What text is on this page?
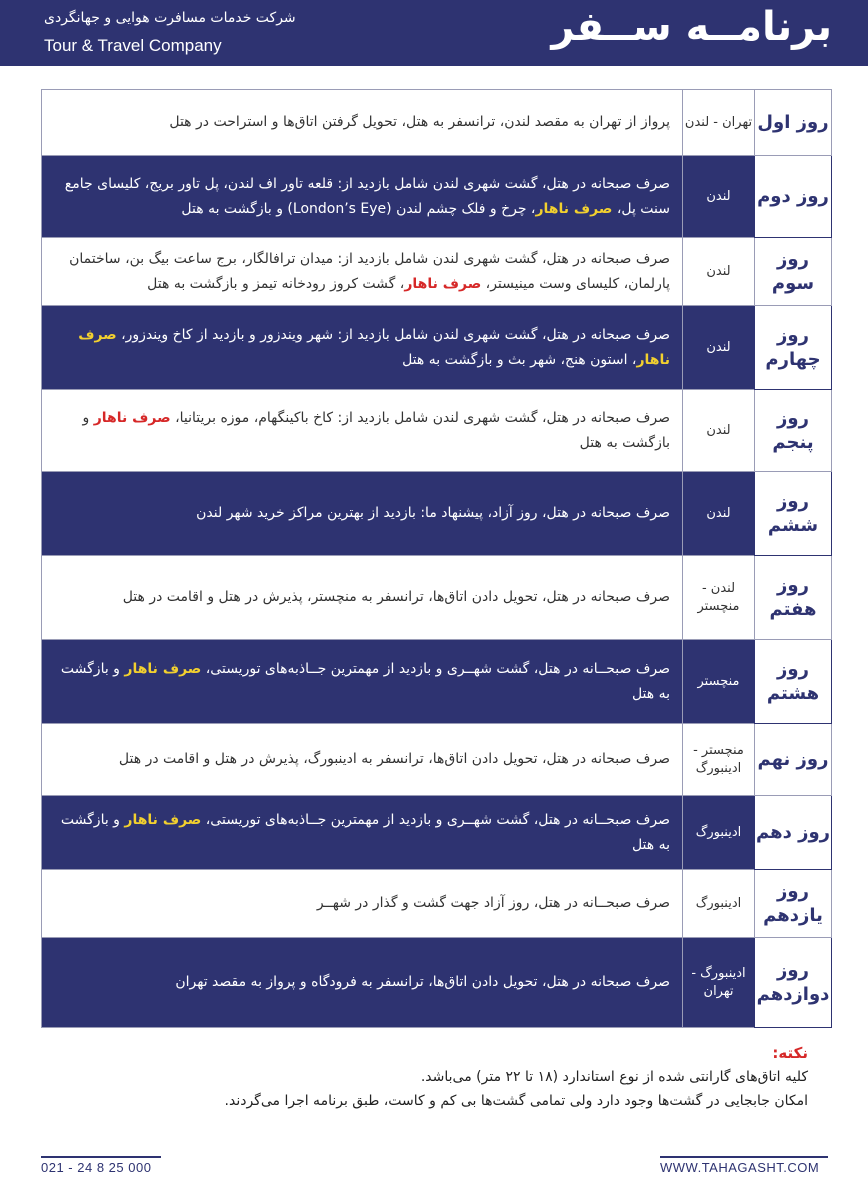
برنامــه ســفر
شرکت خدمات مسافرت هوایی و جهانگردی
Tour & Travel Company
روز اول	تهران - لندن	پرواز از تهران به مقصد لندن، ترانسفر به هتل، تحویل گرفتن اتاق‌ها و استراحت در هتل
روز دوم	لندن	صرف صبحانه در هتل، گشت شهری لندن شامل بازدید از: قلعه تاور اف لندن، پل تاور بریج، کلیسای جامع سنت پل، صرف ناهار، چرخ و فلک چشم لندن (London’s Eye) و بازگشت به هتل
روز سوم	لندن	صرف صبحانه در هتل، گشت شهری لندن شامل بازدید از: میدان ترافالگار، برج ساعت بیگ بن، ساختمان پارلمان، کلیسای وست مینیستر، صرف ناهار، گشت کروز رودخانه تیمز و بازگشت به هتل
روز چهارم	لندن	صرف صبحانه در هتل، گشت شهری لندن شامل بازدید از: شهر ویندزور و بازدید از کاخ ویندزور، صرف ناهار، استون هنج، شهر بث و بازگشت به هتل
روز پنجم	لندن	صرف صبحانه در هتل، گشت شهری لندن شامل بازدید از: کاخ باکینگهام، موزه بریتانیا، صرف ناهار و بازگشت به هتل
روز ششم	لندن	صرف صبحانه در هتل، روز آزاد، پیشنهاد ما: بازدید از بهترین مراکز خرید شهر لندن
روز هفتم	لندن - منچستر	صرف صبحانه در هتل، تحویل دادن اتاق‌ها، ترانسفر به منچستر، پذیرش در هتل و اقامت در هتل
روز هشتم	منچستر	صرف صبحــانه در هتل، گشت شهــری و بازدید از مهمترین جــاذبه‌های توریستی، صرف ناهار و بازگشت به هتل
روز نهم	منچستر - ادینبورگ	صرف صبحانه در هتل، تحویل دادن اتاق‌ها، ترانسفر به ادینبورگ، پذیرش در هتل و اقامت در هتل
روز دهم	ادینبورگ	صرف صبحــانه در هتل، گشت شهــری و بازدید از مهمترین جــاذبه‌های توریستی، صرف ناهار و بازگشت به هتل
روز یازدهم	ادینبورگ	صرف صبحــانه در هتل، روز آزاد جهت گشت و گذار در شهــر
روز دوازدهم	ادینبورگ - تهران	صرف صبحانه در هتل، تحویل دادن اتاق‌ها، ترانسفر به فرودگاه و پرواز به مقصد تهران
نکته:
کلیه اتاق‌های گارانتی شده از نوع استاندارد (۱۸ تا ۲۲ متر) می‌باشد.
امکان جابجایی در گشت‌ها وجود دارد ولی تمامی گشت‌ها بی کم و کاست، طبق برنامه اجرا می‌گردند.
021 - 24 8 25 000	WWW.TAHAGASHT.COM
